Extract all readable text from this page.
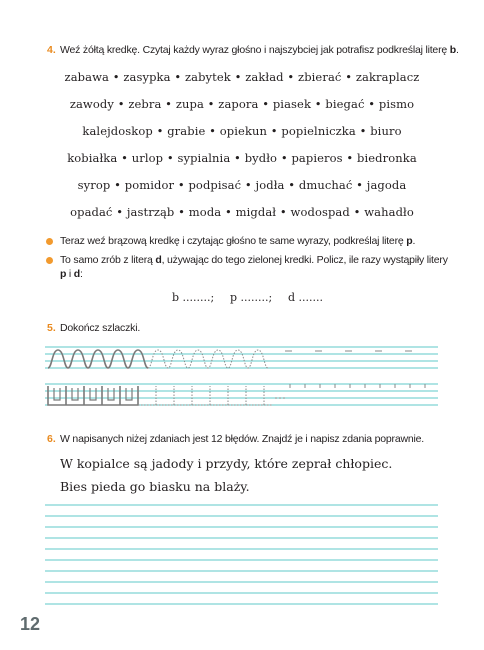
4. Weź żółtą kredkę. Czytaj każdy wyraz głośno i najszybciej jak potrafisz podkreślaj literę b.
zabawa • zasypka • zabytek • zakład • zbierać • zakraplacz
zawody • zebra • zupa • zapora • piasek • biegać • pismo
kalejdoskop • grabie • opiekun • popielniczka • biuro
kobiałka • urlop • sypialnia • bydło • papieros • biedronka
syrop • pomidor • podpisać • jodła • dmuchać • jagoda
opadać • jastrząb • moda • migdał • wodospad • wahadło
Teraz weź brązową kredkę i czytając głośno te same wyrazy, podkreślaj literę p.
To samo zrób z literą d, używając do tego zielonej kredki. Policz, ile razy wystąpiły litery
p i d:
b ........; p ........; d .......
5. Dokończ szlaczki.
6. W napisanych niżej zdaniach jest 12 błędów. Znajdź je i napisz zdania poprawnie.
W kopialce są jadody i przydy, które zeprał chłopiec.
Bies pieda go biasku na blaży.
12
